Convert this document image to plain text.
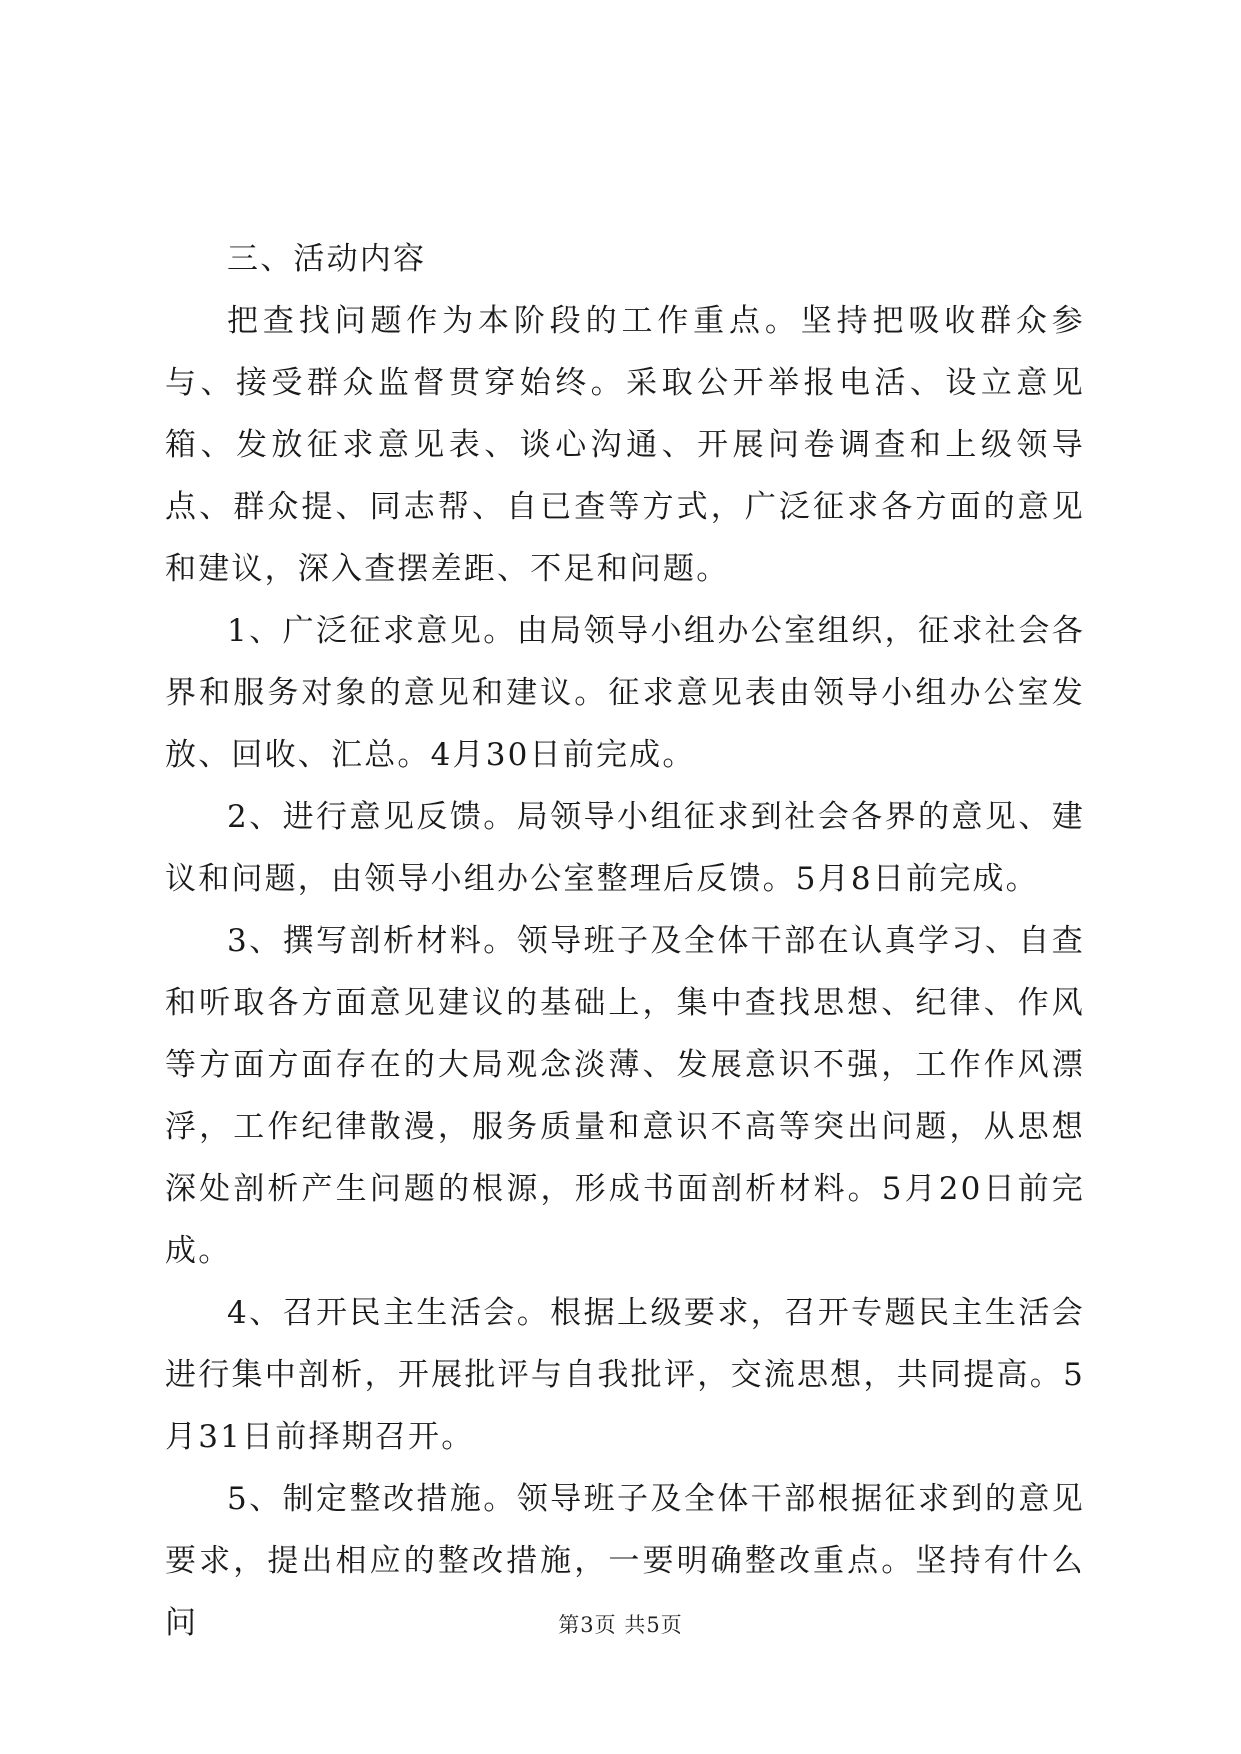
三、活动内容

把查找问题作为本阶段的工作重点。坚持把吸收群众参与、接受群众监督贯穿始终。采取公开举报电活、设立意见箱、发放征求意见表、谈心沟通、开展问卷调查和上级领导点、群众提、同志帮、自已查等方式，广泛征求各方面的意见和建议，深入查摆差距、不足和问题。

1、广泛征求意见。由局领导小组办公室组织，征求社会各界和服务对象的意见和建议。征求意见表由领导小组办公室发放、回收、汇总。4月30日前完成。

2、进行意见反馈。局领导小组征求到社会各界的意见、建议和问题，由领导小组办公室整理后反馈。5月8日前完成。

3、撰写剖析材料。领导班子及全体干部在认真学习、自查和听取各方面意见建议的基础上，集中查找思想、纪律、作风等方面方面存在的大局观念淡薄、发展意识不强，工作作风漂浮，工作纪律散漫，服务质量和意识不高等突出问题，从思想深处剖析产生问题的根源，形成书面剖析材料。5月20日前完成。

4、召开民主生活会。根据上级要求，召开专题民主生活会进行集中剖析，开展批评与自我批评，交流思想，共同提高。5月31日前择期召开。

5、制定整改措施。领导班子及全体干部根据征求到的意见要求，提出相应的整改措施，一要明确整改重点。坚持有什么问	第3页 共5页
